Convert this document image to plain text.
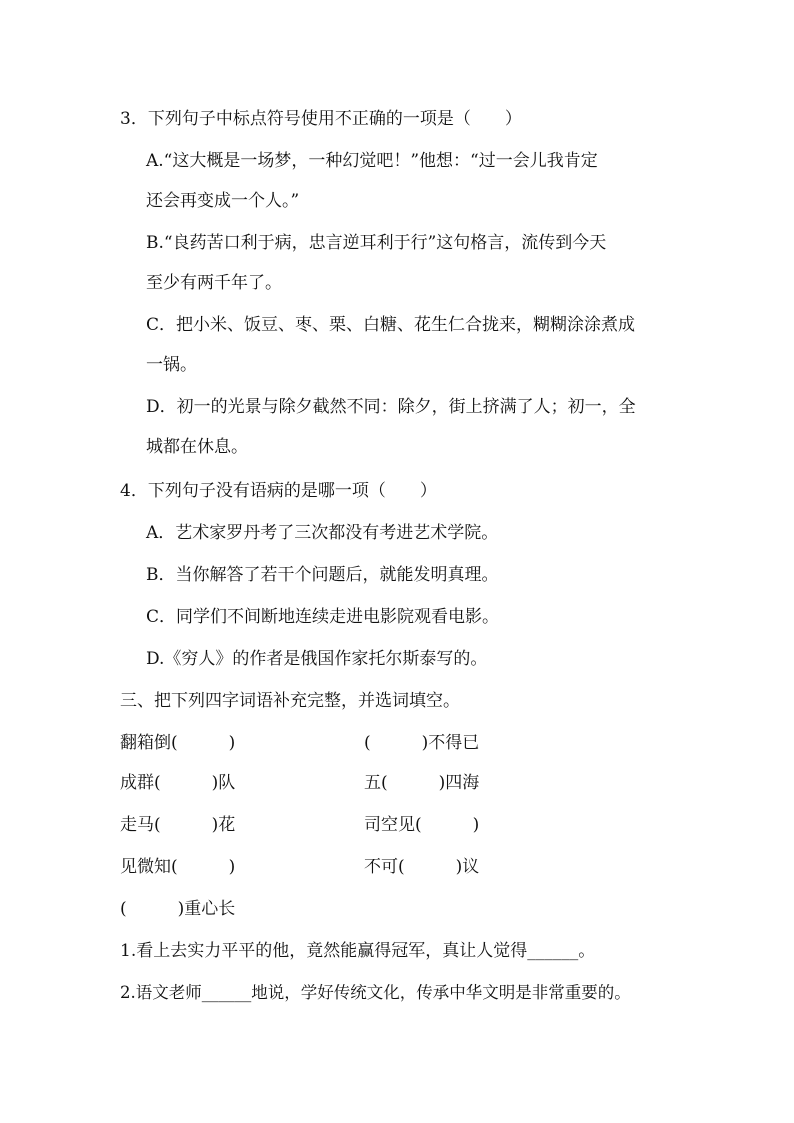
3．下列句子中标点符号使用不正确的一项是（　　）
A.“这大概是一场梦，一种幻觉吧！”他想：“过一会儿我肯定
还会再变成一个人。”
B.“良药苦口利于病，忠言逆耳利于行”这句格言，流传到今天
至少有两千年了。
C．把小米、饭豆、枣、栗、白糖、花生仁合拢来，糊糊涂涂煮成
一锅。
D．初一的光景与除夕截然不同：除夕，街上挤满了人；初一，全
城都在休息。
4．下列句子没有语病的是哪一项（　　）
A．艺术家罗丹考了三次都没有考进艺术学院。
B．当你解答了若干个问题后，就能发明真理。
C．同学们不间断地连续走进电影院观看电影。
D.《穷人》的作者是俄国作家托尔斯泰写的。
三、把下列四字词语补充完整，并选词填空。
翻箱倒(　　　)	(　　　)不得已
成群(　　　)队	五(　　　)四海
走马(　　　)花	司空见(　　　)
见微知(　　　)	不可(　　　)议
(　　　)重心长
1.看上去实力平平的他，竟然能赢得冠军，真让人觉得______。
2.语文老师______地说，学好传统文化，传承中华文明是非常重要的。
